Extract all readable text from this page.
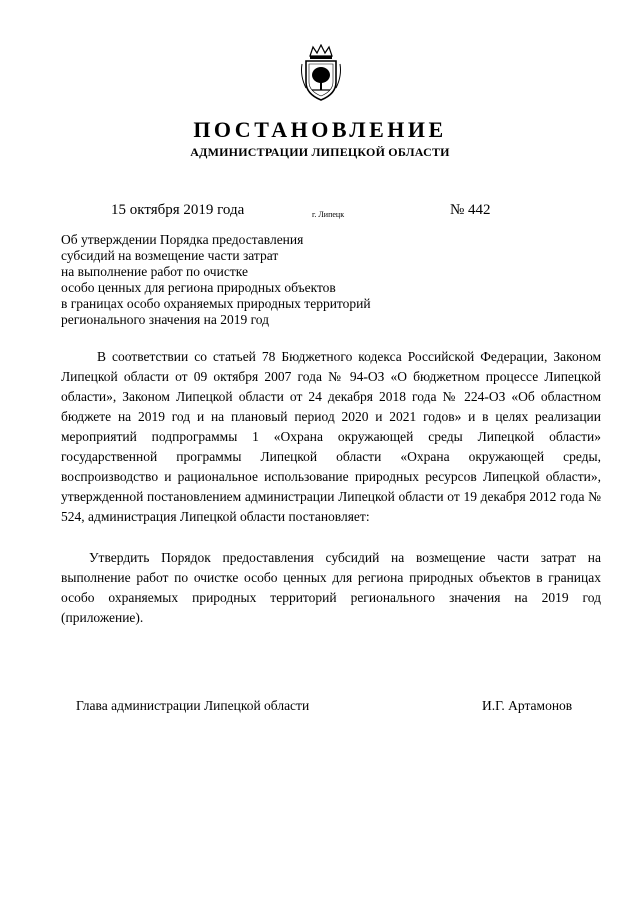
ПОСТАНОВЛЕНИЕ
АДМИНИСТРАЦИИ ЛИПЕЦКОЙ ОБЛАСТИ
15 октября 2019 года	г. Липецк	№ 442
Об утверждении Порядка предоставления
субсидий на возмещение части затрат
на выполнение работ по очистке
особо ценных для региона природных объектов
в границах особо охраняемых природных территорий
регионального значения на 2019 год
В соответствии со статьей 78 Бюджетного кодекса Российской Федерации, Законом Липецкой области от 09 октября 2007 года № 94-ОЗ «О бюджетном процессе Липецкой области», Законом Липецкой области от 24 декабря 2018 года № 224-ОЗ «Об областном бюджете на 2019 год и на плановый период 2020 и 2021 годов» и в целях реализации мероприятий подпрограммы 1 «Охрана окружающей среды Липецкой области» государственной программы Липецкой области «Охрана окружающей среды, воспроизводство и рациональное использование природных ресурсов Липецкой области», утвержденной постановлением администрации Липецкой области от 19 декабря 2012 года № 524, администрация Липецкой области постановляет:
Утвердить Порядок предоставления субсидий на возмещение части затрат на выполнение работ по очистке особо ценных для региона природных объектов в границах особо охраняемых природных территорий регионального значения на 2019 год (приложение).
Глава администрации Липецкой области	И.Г. Артамонов
